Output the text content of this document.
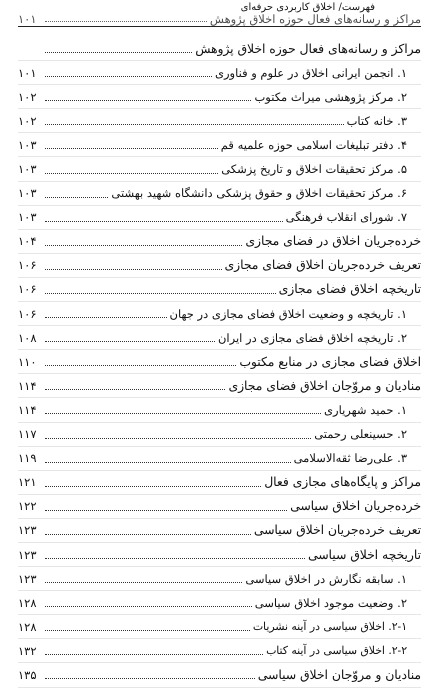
فهرست/ اخلاق کاربردی حرفه‌ای
مراکز و رسانه‌های فعال حوزه اخلاق پژوهش
۱۰۱
مراکز و رسانه‌های فعال حوزه اخلاق پژوهش
۱. انجمن ایرانی اخلاق در علوم و فناوری
۱۰۱
۲. مرکز پژوهشی میراث مکتوب
۱۰۲
۳. خانه کتاب
۱۰۲
۴. دفتر تبلیغات اسلامی حوزه علمیه قم
۱۰۳
۵. مرکز تحقیقات اخلاق و تاریخ پزشکی
۱۰۳
۶. مرکز تحقیقات اخلاق و حقوق پزشکی دانشگاه شهید بهشتی
۱۰۳
۷. شورای انقلاب فرهنگی
۱۰۳
خرده‌جریان اخلاق در فضای مجازی
۱۰۴
تعریف خرده‌جریان اخلاق فضای مجازی
۱۰۶
تاریخچه اخلاق فضای مجازی
۱۰۶
۱. تاریخچه و وضعیت اخلاق فضای مجازی در جهان
۱۰۶
۲. تاریخچه اخلاق فضای مجازی در ایران
۱۰۸
اخلاق فضای مجازی در منابع مکتوب
۱۱۰
منادیان و مروّجان اخلاق فضای مجازی
۱۱۴
۱. حمید شهریاری
۱۱۴
۲. حسینعلی رحمتی
۱۱۷
۳. علی‌رضا ثقه‌الاسلامی
۱۱۹
مراکز و پایگاه‌های مجازی فعال
۱۲۱
خرده‌جریان اخلاق سیاسی
۱۲۲
تعریف خرده‌جریان اخلاق سیاسی
۱۲۳
تاریخچه اخلاق سیاسی
۱۲۳
۱. سابقه نگارش در اخلاق سیاسی
۱۲۳
۲. وضعیت موجود اخلاق سیاسی
۱۲۸
۲-۱. اخلاق سیاسی در آینه نشریات
۱۲۸
۲-۲. اخلاق سیاسی در آینه کتاب
۱۳۲
منادیان و مروّجان اخلاق سیاسی
۱۳۵
